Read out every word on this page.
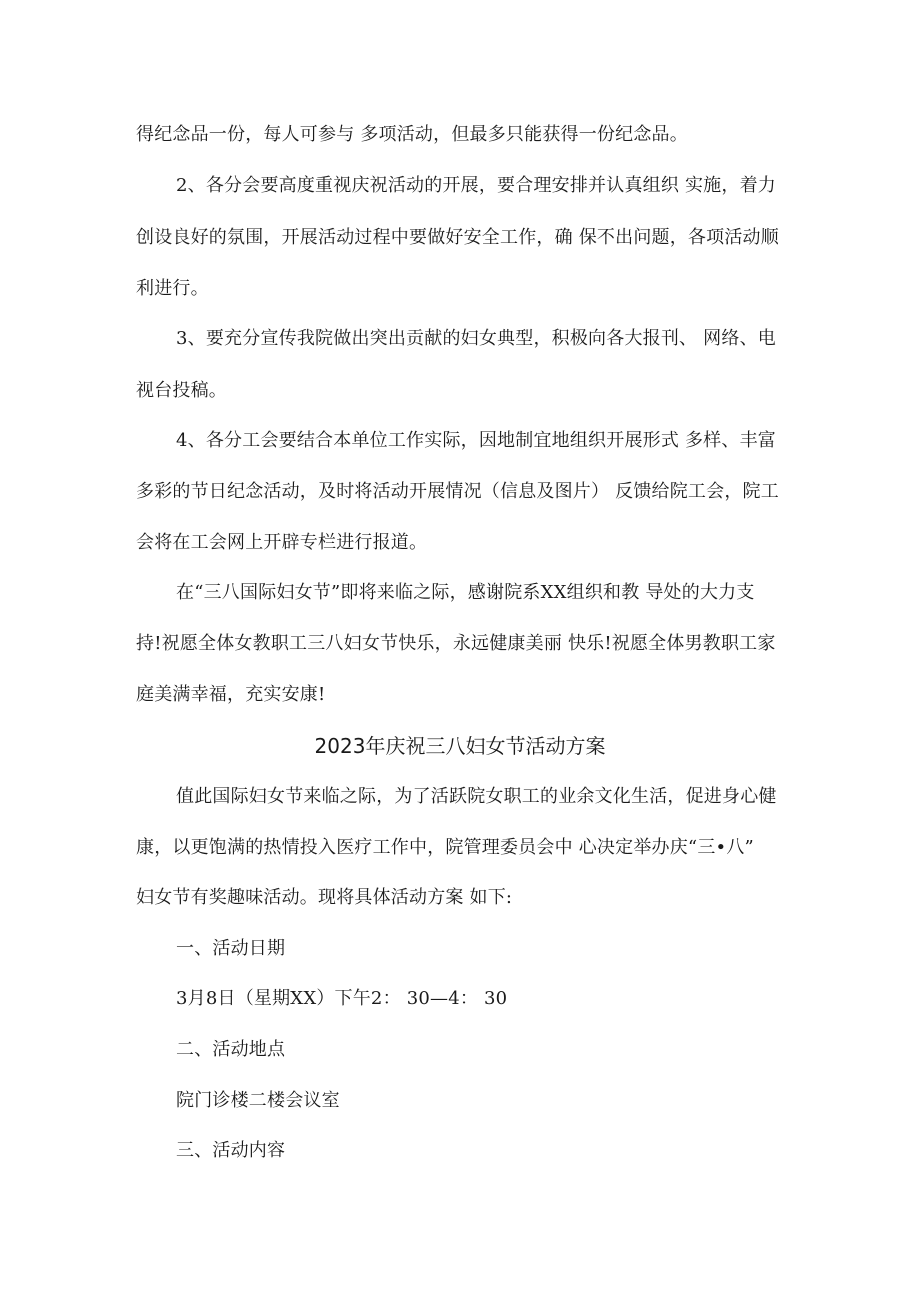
得纪念品一份，每人可参与 多项活动，但最多只能获得一份纪念品。
2、各分会要高度重视庆祝活动的开展，要合理安排并认真组织 实施，着力
创设良好的氛围，开展活动过程中要做好安全工作，确 保不出问题，各项活动顺
利进行。
3、要充分宣传我院做出突出贡献的妇女典型，积极向各大报刊、 网络、电
视台投稿。
4、各分工会要结合本单位工作实际，因地制宜地组织开展形式 多样、丰富
多彩的节日纪念活动，及时将活动开展情况（信息及图片） 反馈给院工会，院工
会将在工会网上开辟专栏进行报道。
在“三八国际妇女节”即将来临之际，感谢院系XX组织和教 导处的大力支
持!祝愿全体女教职工三八妇女节快乐，永远健康美丽 快乐!祝愿全体男教职工家
庭美满幸福，充实安康!
2023年庆祝三八妇女节活动方案
值此国际妇女节来临之际，为了活跃院女职工的业余文化生活，促进身心健
康，以更饱满的热情投入医疗工作中，院管理委员会中 心决定举办庆“三•八”
妇女节有奖趣味活动。现将具体活动方案 如下:
一、活动日期
3月8日（星期XX）下午2： 30—4： 30
二、活动地点
院门诊楼二楼会议室
三、活动内容
